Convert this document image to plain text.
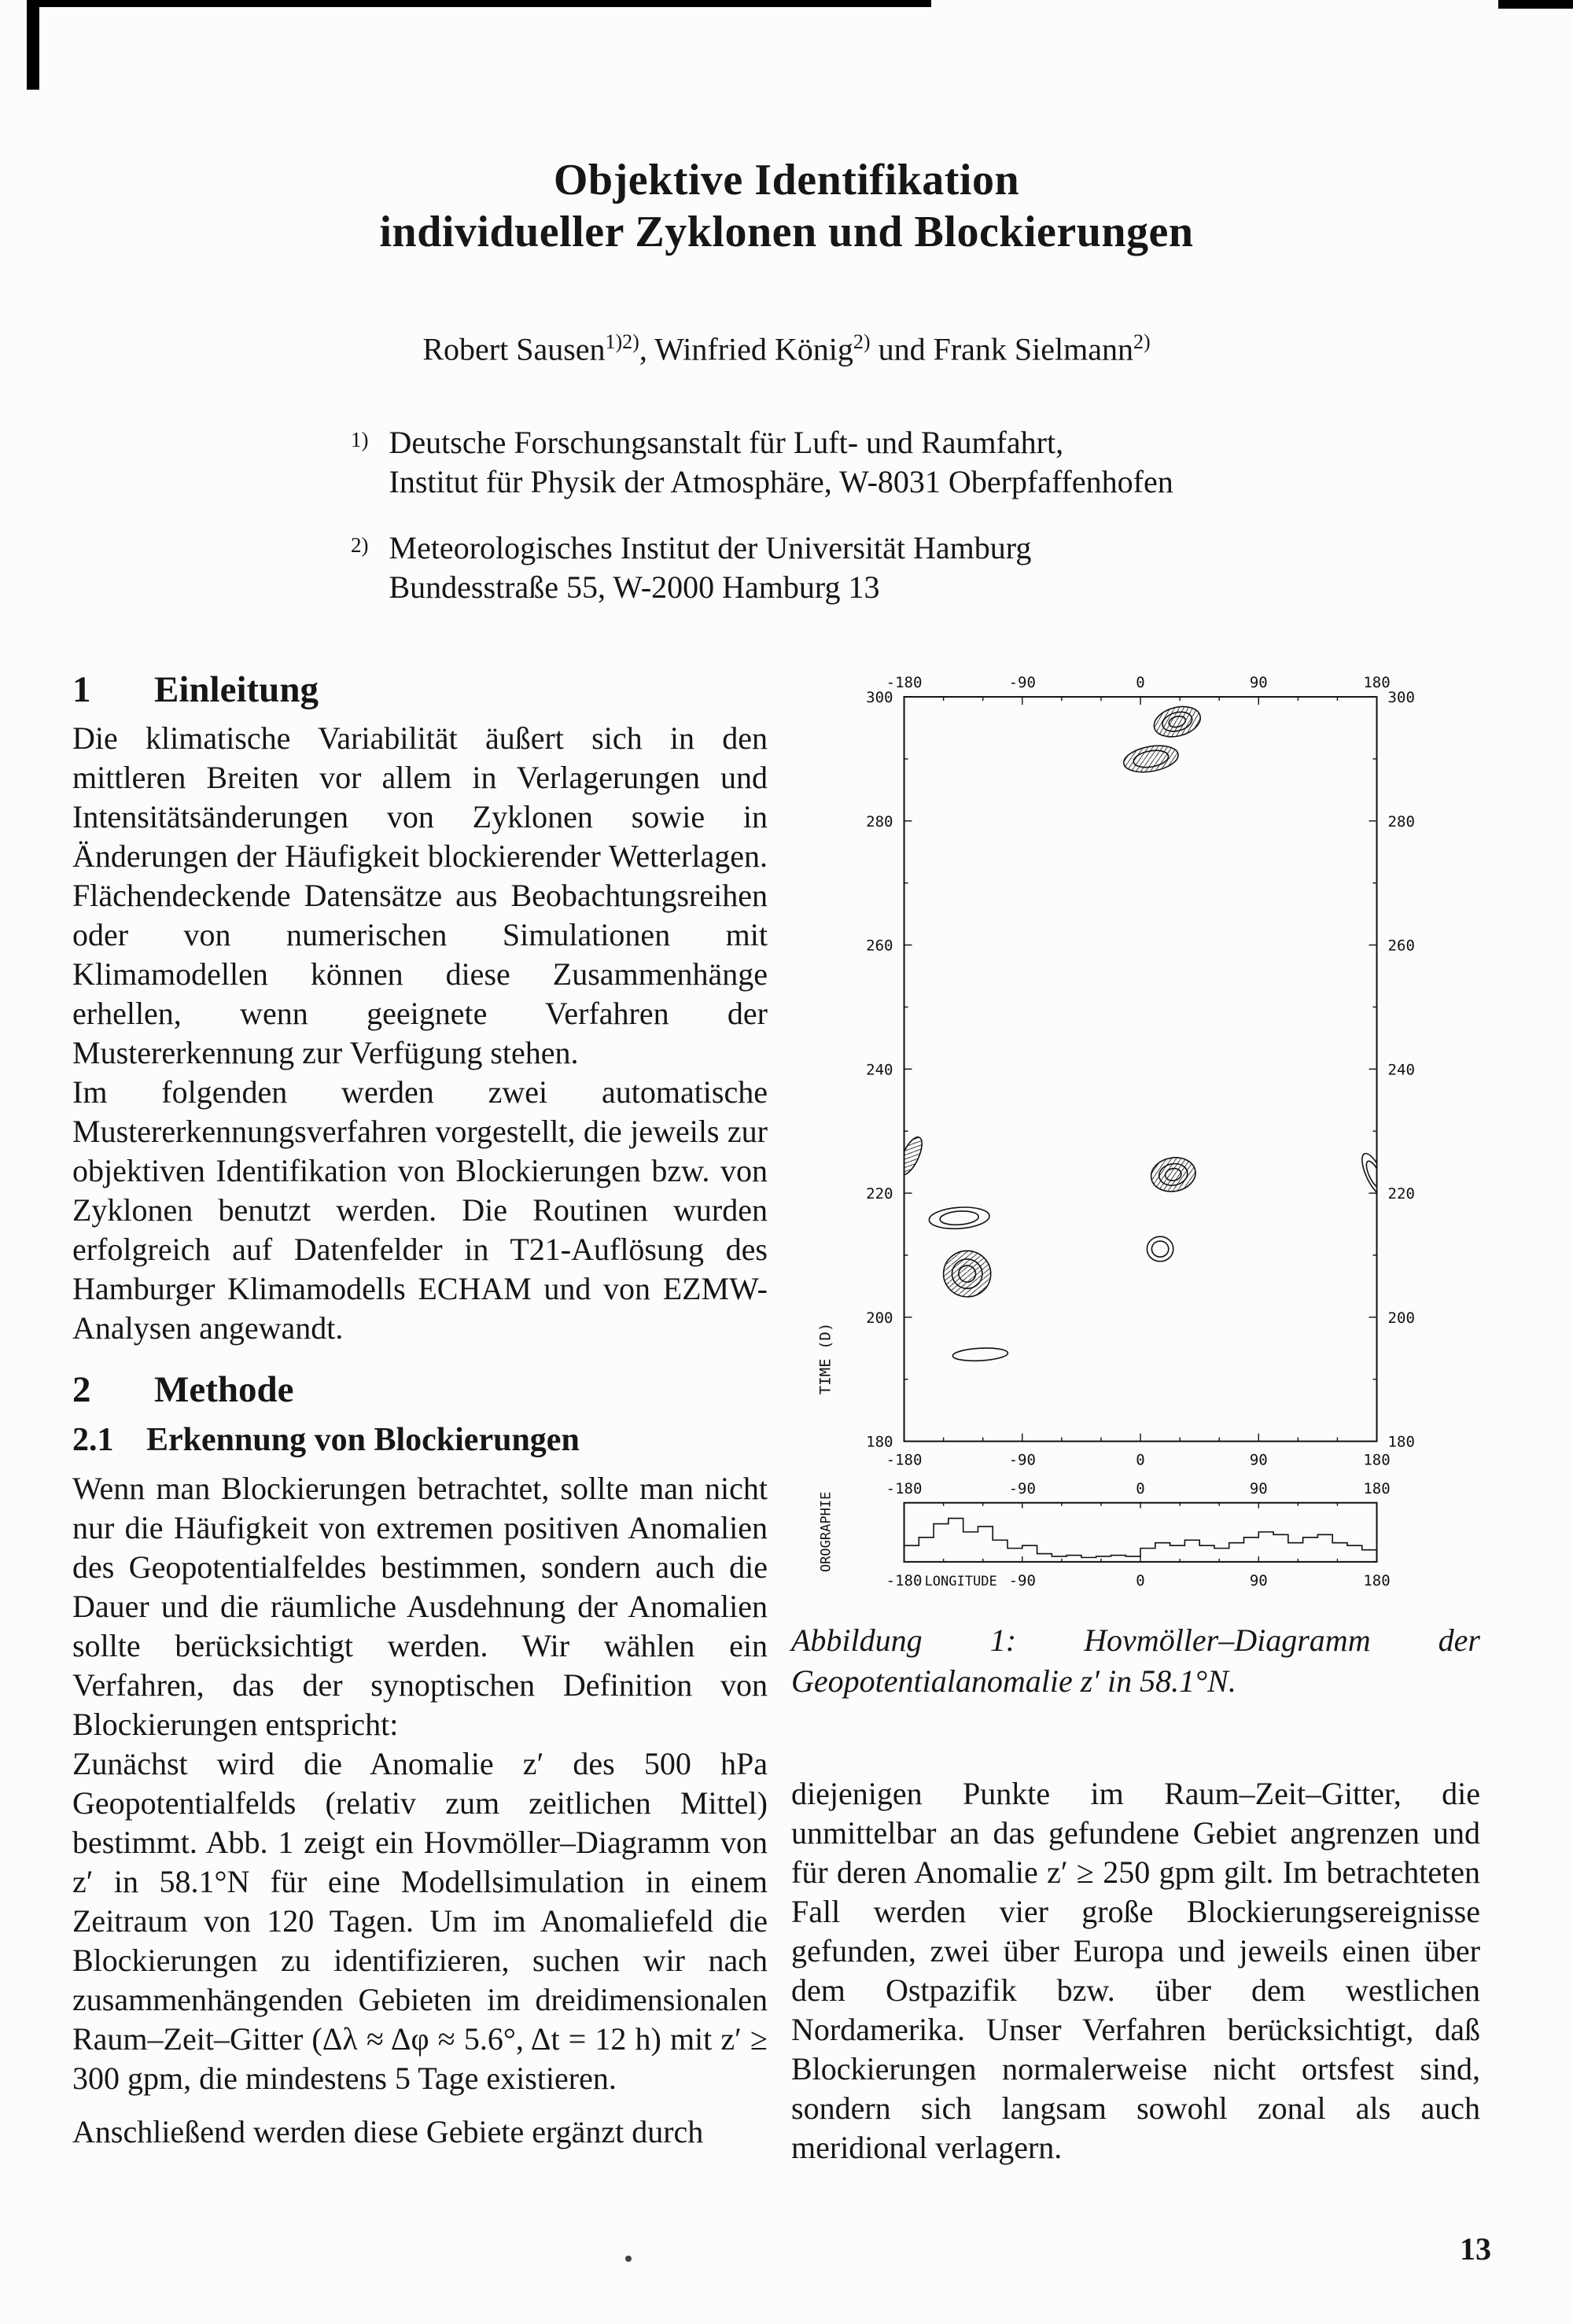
Objektive Identifikation
individueller Zyklonen und Blockierungen
Robert Sausen$^{1)2)}$, Winfried König$^{2)}$ und Frank Sielmann$^{2)}$
1) Deutsche Forschungsanstalt für Luft- und Raumfahrt,
Institut für Physik der Atmosphäre, W-8031 Oberpfaffenhofen
2) Meteorologisches Institut der Universität Hamburg
Bundesstraße 55, W-2000 Hamburg 13
1 Einleitung

Die klimatische Variabilität äußert sich in den mittleren Breiten vor allem in Verlagerungen und Intensitätsänderungen von Zyklonen sowie in Änderungen der Häufigkeit blockierender Wetterlagen. Flächendeckende Datensätze aus Beobachtungsreihen oder von numerischen Simulationen mit Klimamodellen können diese Zusammenhänge erhellen, wenn geeignete Verfahren der Mustererkennung zur Verfügung stehen.

Im folgenden werden zwei automatische Mustererkennungsverfahren vorgestellt, die jeweils zur objektiven Identifikation von Blockierungen bzw. von Zyklonen benutzt werden. Die Routinen wurden erfolgreich auf Datenfelder in T21-Auflösung des Hamburger Klimamodells ECHAM und von EZMW-Analysen angewandt.

2 Methode
2.1 Erkennung von Blockierungen

Wenn man Blockierungen betrachtet, sollte man nicht nur die Häufigkeit von extremen positiven Anomalien des Geopotentialfeldes bestimmen, sondern auch die Dauer und die räumliche Ausdehnung der Anomalien sollte berücksichtigt werden. Wir wählen ein Verfahren, das der synoptischen Definition von Blockierungen entspricht:

Zunächst wird die Anomalie z′ des 500 hPa Geopotentialfelds (relativ zum zeitlichen Mittel) bestimmt. Abb. 1 zeigt ein Hovmöller–Diagramm von z′ in 58.1°N für eine Modellsimulation in einem Zeitraum von 120 Tagen. Um im Anomaliefeld die Blockierungen zu identifizieren, suchen wir nach zusammenhängenden Gebieten im dreidimensionalen Raum–Zeit–Gitter (Δλ ≈ Δφ ≈ 5.6°, Δt = 12 h) mit z′ ≥ 300 gpm, die mindestens 5 Tage existieren.

Anschließend werden diese Gebiete ergänzt durch

-180
-180
-180
-180
-90
-90
-90
-90
0
0
0
0
90
90
90
90
180
180
180
180
LONGITUDE
300	300
280	280
260	260
240	240
220	220
200	200
180	180
TIME (D)
OROGRAPHIE
Abbildung 1: Hovmöller–Diagramm der Geopotentialanomalie z′ in 58.1°N.

diejenigen Punkte im Raum–Zeit–Gitter, die unmittelbar an das gefundene Gebiet angrenzen und für deren Anomalie z′ ≥ 250 gpm gilt. Im betrachteten Fall werden vier große Blockierungsereignisse gefunden, zwei über Europa und jeweils einen über dem Ostpazifik bzw. über dem westlichen Nordamerika. Unser Verfahren berücksichtigt, daß Blockierungen normalerweise nicht ortsfest sind, sondern sich langsam sowohl zonal als auch meridional verlagern.

13
